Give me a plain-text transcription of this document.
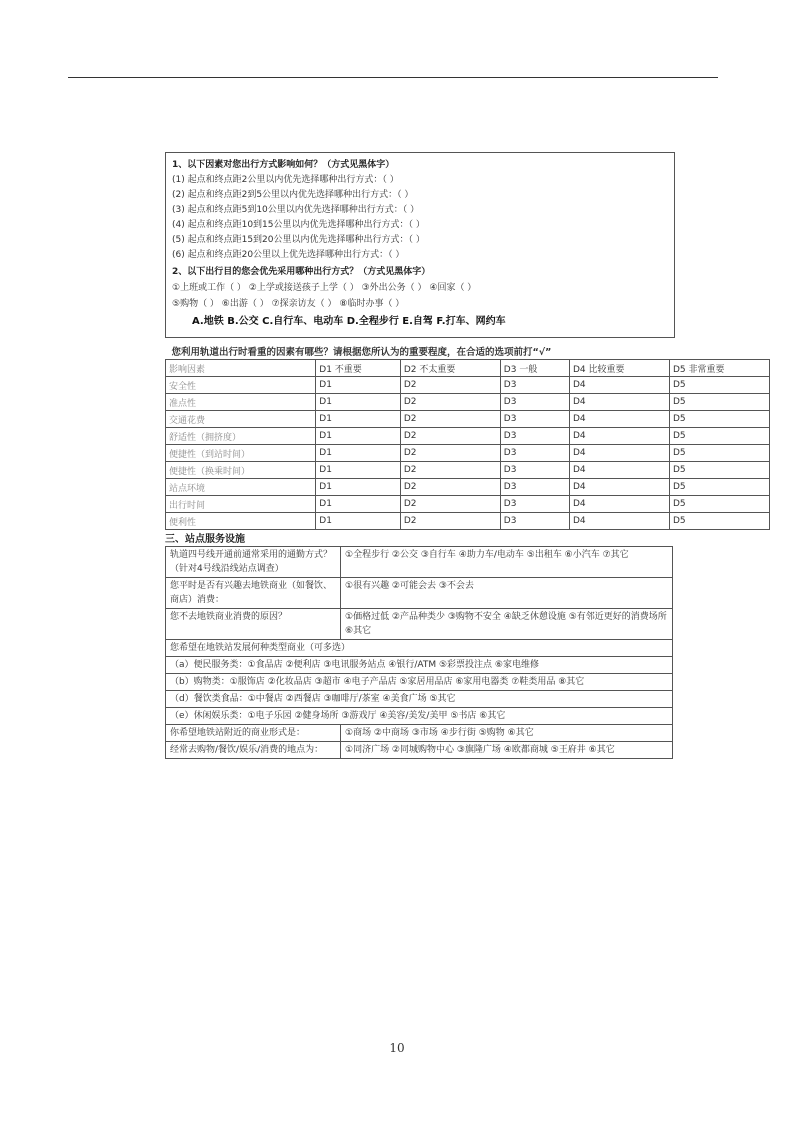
1、以下因素对您出行方式影响如何？（方式见黑体字）
(1) 起点和终点距2公里以内优先选择哪种出行方式：（ ）
(2) 起点和终点距2到5公里以内优先选择哪种出行方式：（ ）
(3) 起点和终点距5到10公里以内优先选择哪种出行方式：（ ）
(4) 起点和终点距10到15公里以内优先选择哪种出行方式：（ ）
(5) 起点和终点距15到20公里以内优先选择哪种出行方式：（ ）
(6) 起点和终点距20公里以上优先选择哪种出行方式：（ ）
2、以下出行目的您会优先采用哪种出行方式？（方式见黑体字）
①上班或工作（ ） ②上学或接送孩子上学（ ） ③外出公务（ ） ④回家（ ）
⑤购物（ ） ⑥出游（ ） ⑦探亲访友（ ） ⑧临时办事（ ）
A.地铁 B.公交 C.自行车、电动车 D.全程步行 E.自驾 F.打车、网约车
您利用轨道出行时看重的因素有哪些？请根据您所认为的重要程度，在合适的选项前打“√”					
影响因素	D1 不重要	D2 不太重要	D3 一般	D4 比较重要	D5 非常重要
安全性	D1	D2	D3	D4	D5
准点性	D1	D2	D3	D4	D5
交通花费	D1	D2	D3	D4	D5
舒适性（拥挤度）	D1	D2	D3	D4	D5
便捷性（到站时间）	D1	D2	D3	D4	D5
便捷性（换乘时间）	D1	D2	D3	D4	D5
站点环境	D1	D2	D3	D4	D5
出行时间	D1	D2	D3	D4	D5
便利性	D1	D2	D3	D4	D5
三、站点服务设施
轨道四号线开通前通常采用的通勤方式？（针对4号线沿线站点调查）	①全程步行 ②公交 ③自行车 ④助力车/电动车 ⑤出租车 ⑥小汽车 ⑦其它
您平时是否有兴趣去地铁商业（如餐饮、商店）消费：	①很有兴趣 ②可能会去 ③不会去
您不去地铁商业消费的原因？	①価格过低 ②产品种类少 ③购物不安全 ④缺乏休憩设施 ⑤有邻近更好的消费场所 ⑥其它
您希望在地铁站发展何种类型商业（可多选）	
（a）便民服务类：①食品店 ②便利店 ③电讯服务站点 ④银行/ATM ⑤彩票投注点 ⑥家电维修	
（b）购物类：①服饰店 ②化妆品店 ③超市 ④电子产品店 ⑤家居用品店 ⑥家用电器类 ⑦鞋类用品 ⑧其它	
（d）餐饮类食品：①中餐店 ②西餐店 ③咖啡厅/茶室 ④美食广场 ⑤其它	
（e）休闲娱乐类：①电子乐园 ②健身场所 ③游戏厅 ④美容/美发/美甲 ⑤书店 ⑥其它	
你希望地铁站附近的商业形式是：	①商场 ②中商场 ③市场 ④步行街 ⑤购物 ⑥其它
经常去购物/餐饮/娱乐/消费的地点为：	①同济广场 ②同城购物中心 ③旗隆广场 ④欧都商城 ⑤王府井 ⑥其它
10
